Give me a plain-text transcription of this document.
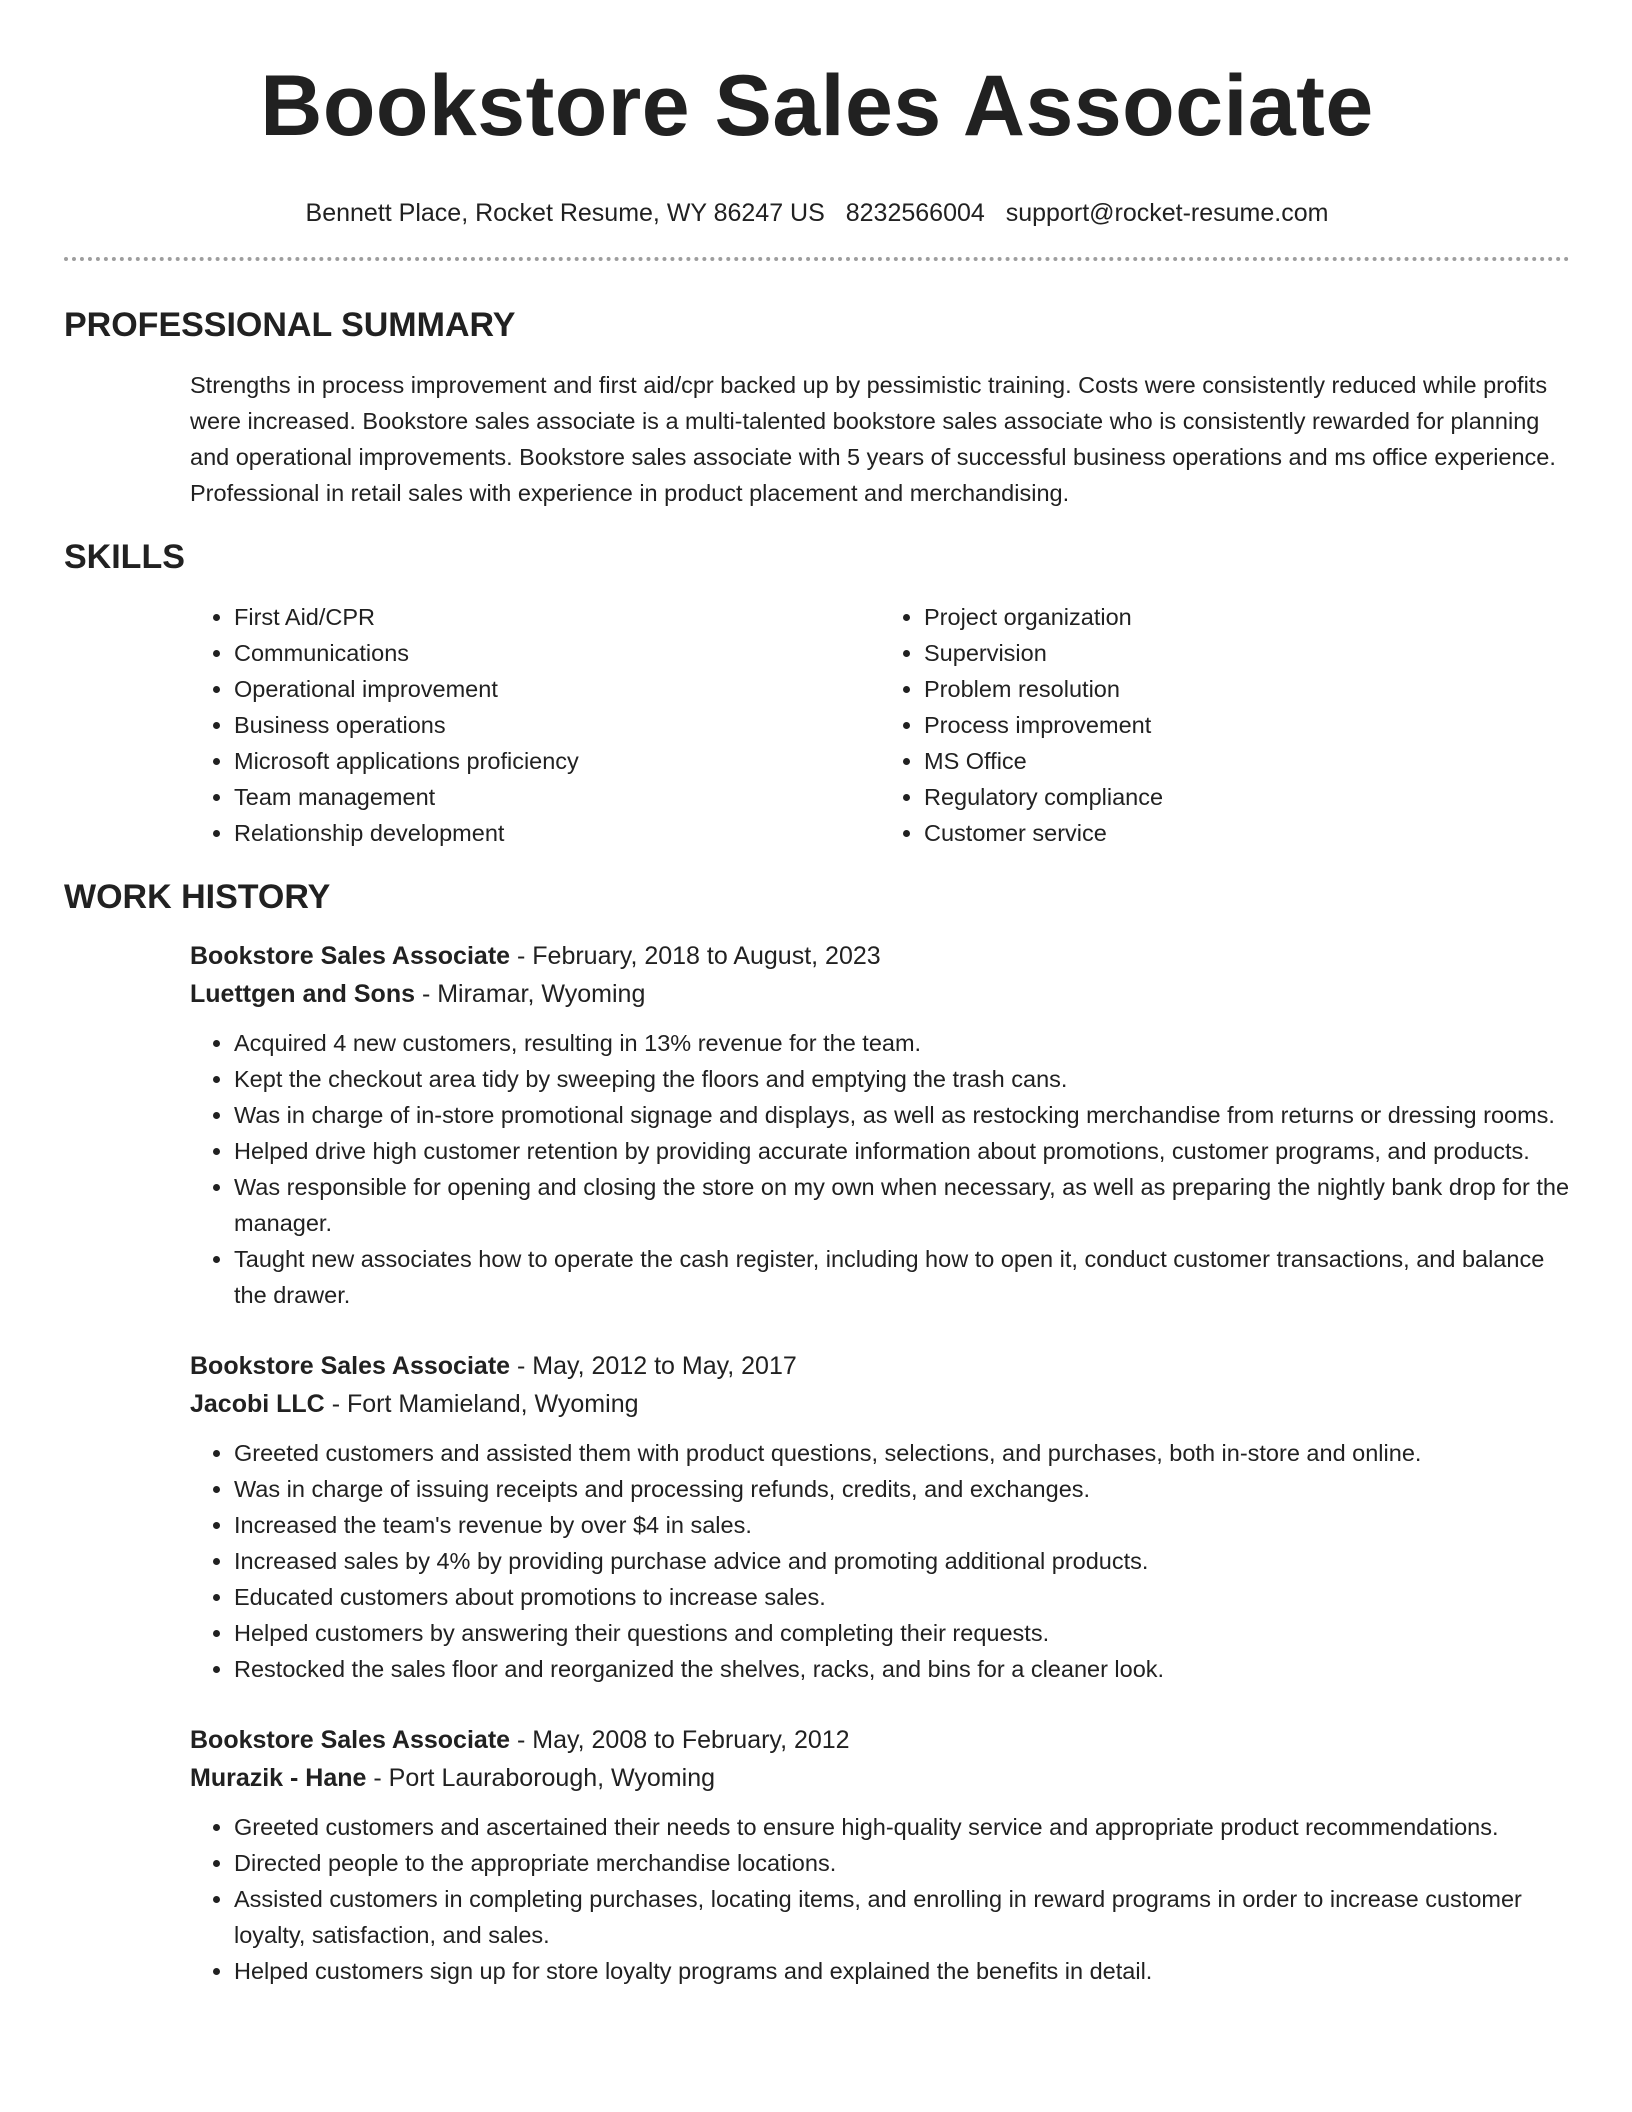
Bookstore Sales Associate
Bennett Place, Rocket Resume, WY 86247 US 8232566004 support@rocket-resume.com
PROFESSIONAL SUMMARY

Strengths in process improvement and first aid/cpr backed up by pessimistic training. Costs were consistently reduced while profits were increased. Bookstore sales associate is a multi-talented bookstore sales associate who is consistently rewarded for planning and operational improvements. Bookstore sales associate with 5 years of successful business operations and ms office experience. Professional in retail sales with experience in product placement and merchandising.

SKILLS
• First Aid/CPR
• Communications
• Operational improvement
• Business operations
• Microsoft applications proficiency
• Team management
• Relationship development
• Project organization
• Supervision
• Problem resolution
• Process improvement
• MS Office
• Regulatory compliance
• Customer service
WORK HISTORY
Bookstore Sales Associate - February, 2018 to August, 2023
Luettgen and Sons - Miramar, Wyoming
• Acquired 4 new customers, resulting in 13% revenue for the team.
• Kept the checkout area tidy by sweeping the floors and emptying the trash cans.
• Was in charge of in-store promotional signage and displays, as well as restocking merchandise from returns or dressing rooms.
• Helped drive high customer retention by providing accurate information about promotions, customer programs, and products.
• Was responsible for opening and closing the store on my own when necessary, as well as preparing the nightly bank drop for the manager.
• Taught new associates how to operate the cash register, including how to open it, conduct customer transactions, and balance the drawer.
Bookstore Sales Associate - May, 2012 to May, 2017
Jacobi LLC - Fort Mamieland, Wyoming
• Greeted customers and assisted them with product questions, selections, and purchases, both in-store and online.
• Was in charge of issuing receipts and processing refunds, credits, and exchanges.
• Increased the team's revenue by over $4 in sales.
• Increased sales by 4% by providing purchase advice and promoting additional products.
• Educated customers about promotions to increase sales.
• Helped customers by answering their questions and completing their requests.
• Restocked the sales floor and reorganized the shelves, racks, and bins for a cleaner look.
Bookstore Sales Associate - May, 2008 to February, 2012
Murazik - Hane - Port Lauraborough, Wyoming
• Greeted customers and ascertained their needs to ensure high-quality service and appropriate product recommendations.
• Directed people to the appropriate merchandise locations.
• Assisted customers in completing purchases, locating items, and enrolling in reward programs in order to increase customer loyalty, satisfaction, and sales.
• Helped customers sign up for store loyalty programs and explained the benefits in detail.
